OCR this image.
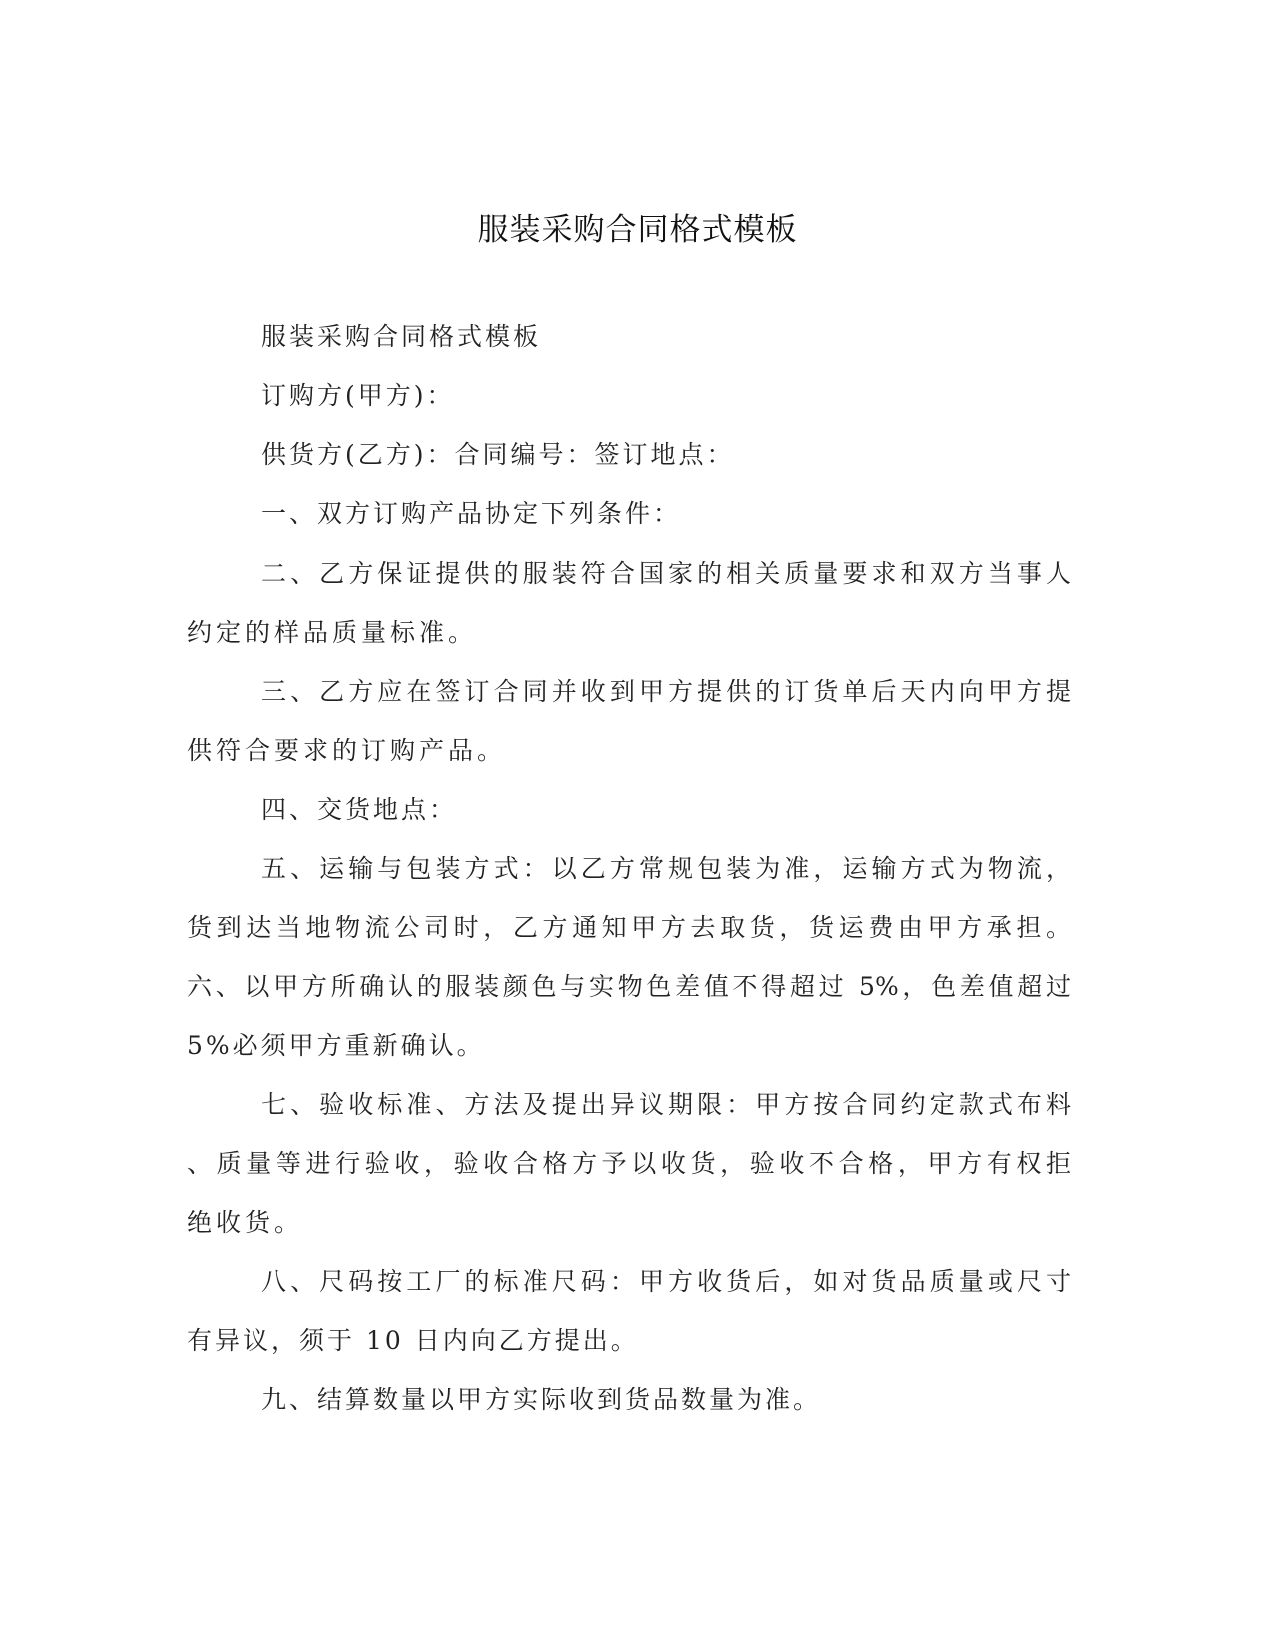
服装采购合同格式模板
服装采购合同格式模板
订购方(甲方)：
供货方(乙方)：合同编号：签订地点：
一、双方订购产品协定下列条件：
二、乙方保证提供的服装符合国家的相关质量要求和双方当事人
约定的样品质量标准。
三、乙方应在签订合同并收到甲方提供的订货单后天内向甲方提
供符合要求的订购产品。
四、交货地点：
五、运输与包装方式：以乙方常规包装为准，运输方式为物流，
货到达当地物流公司时，乙方通知甲方去取货，货运费由甲方承担。
六、以甲方所确认的服装颜色与实物色差值不得超过 5%，色差值超过
5%必须甲方重新确认。
七、验收标准、方法及提出异议期限：甲方按合同约定款式布料
、质量等进行验收，验收合格方予以收货，验收不合格，甲方有权拒
绝收货。
八、尺码按工厂的标准尺码：甲方收货后，如对货品质量或尺寸
有异议，须于 10 日内向乙方提出。
九、结算数量以甲方实际收到货品数量为准。
